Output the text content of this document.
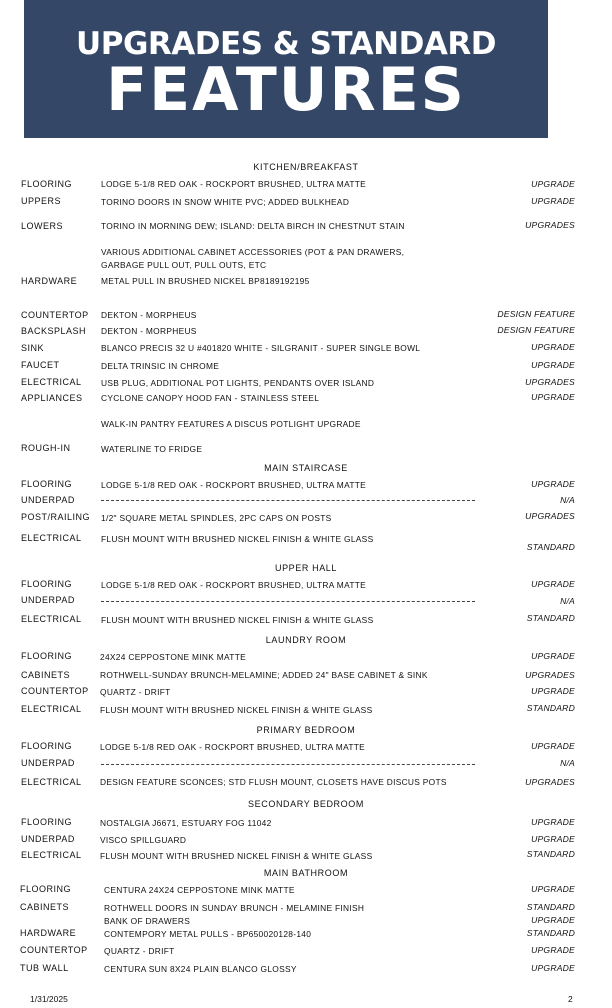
UPGRADES & STANDARD
FEATURES
KITCHEN/BREAKFAST
FLOORING	LODGE 5-1/8 RED OAK - ROCKPORT BRUSHED, ULTRA MATTE	UPGRADE
UPPERS	TORINO DOORS IN SNOW WHITE PVC; ADDED BULKHEAD	UPGRADE
LOWERS	TORINO IN MORNING DEW; ISLAND: DELTA BIRCH IN CHESTNUT STAIN	UPGRADES
VARIOUS ADDITIONAL CABINET ACCESSORIES (POT & PAN DRAWERS,
GARBAGE PULL OUT, PULL OUTS, ETC
HARDWARE	METAL PULL IN BRUSHED NICKEL BP8189192195
COUNTERTOP DEKTON - MORPHEUS	DESIGN FEATURE
BACKSPLASH DEKTON - MORPHEUS	DESIGN FEATURE
SINK	BLANCO PRECIS 32 U #401820 WHITE - SILGRANIT - SUPER SINGLE BOWL	UPGRADE
FAUCET	DELTA TRINSIC IN CHROME	UPGRADE
ELECTRICAL USB PLUG, ADDITIONAL POT LIGHTS, PENDANTS OVER ISLAND	UPGRADES
APPLIANCES CYCLONE CANOPY HOOD FAN - STAINLESS STEEL	UPGRADE
WALK-IN PANTRY FEATURES A DISCUS POTLIGHT UPGRADE
ROUGH-IN	WATERLINE TO FRIDGE
MAIN STAIRCASE
FLOORING	LODGE 5-1/8 RED OAK - ROCKPORT BRUSHED, ULTRA MATTE	UPGRADE
UNDERPAD	N/A
POST/RAILING 1/2" SQUARE METAL SPINDLES, 2PC CAPS ON POSTS	UPGRADES
ELECTRICAL FLUSH MOUNT WITH BRUSHED NICKEL FINISH & WHITE GLASS
STANDARD
UPPER HALL
FLOORING	LODGE 5-1/8 RED OAK - ROCKPORT BRUSHED, ULTRA MATTE	UPGRADE
UNDERPAD	N/A
ELECTRICAL FLUSH MOUNT WITH BRUSHED NICKEL FINISH & WHITE GLASS	STANDARD
LAUNDRY ROOM
FLOORING	24X24 CEPPOSTONE MINK MATTE	UPGRADE
CABINETS	ROTHWELL-SUNDAY BRUNCH-MELAMINE; ADDED 24" BASE CABINET & SINK	UPGRADES
COUNTERTOP QUARTZ - DRIFT	UPGRADE
ELECTRICAL FLUSH MOUNT WITH BRUSHED NICKEL FINISH & WHITE GLASS	STANDARD
PRIMARY BEDROOM
FLOORING	LODGE 5-1/8 RED OAK - ROCKPORT BRUSHED, ULTRA MATTE	UPGRADE
UNDERPAD	N/A
ELECTRICAL DESIGN FEATURE SCONCES; STD FLUSH MOUNT, CLOSETS HAVE DISCUS POTS	UPGRADES
SECONDARY BEDROOM
FLOORING	NOSTALGIA J6671, ESTUARY FOG 11042	UPGRADE
UNDERPAD	VISCO SPILLGUARD	UPGRADE
ELECTRICAL FLUSH MOUNT WITH BRUSHED NICKEL FINISH & WHITE GLASS	STANDARD
MAIN BATHROOM
FLOORING	CENTURA 24X24 CEPPOSTONE MINK MATTE	UPGRADE
CABINETS	ROTHWELL DOORS IN SUNDAY BRUNCH - MELAMINE FINISH	STANDARD
BANK OF DRAWERS	UPGRADE
HARDWARE	CONTEMPORY METAL PULLS - BP650020128-140	STANDARD
COUNTERTOP QUARTZ - DRIFT	UPGRADE
TUB WALL	CENTURA SUN 8X24 PLAIN BLANCO GLOSSY	UPGRADE
1/31/2025	2
